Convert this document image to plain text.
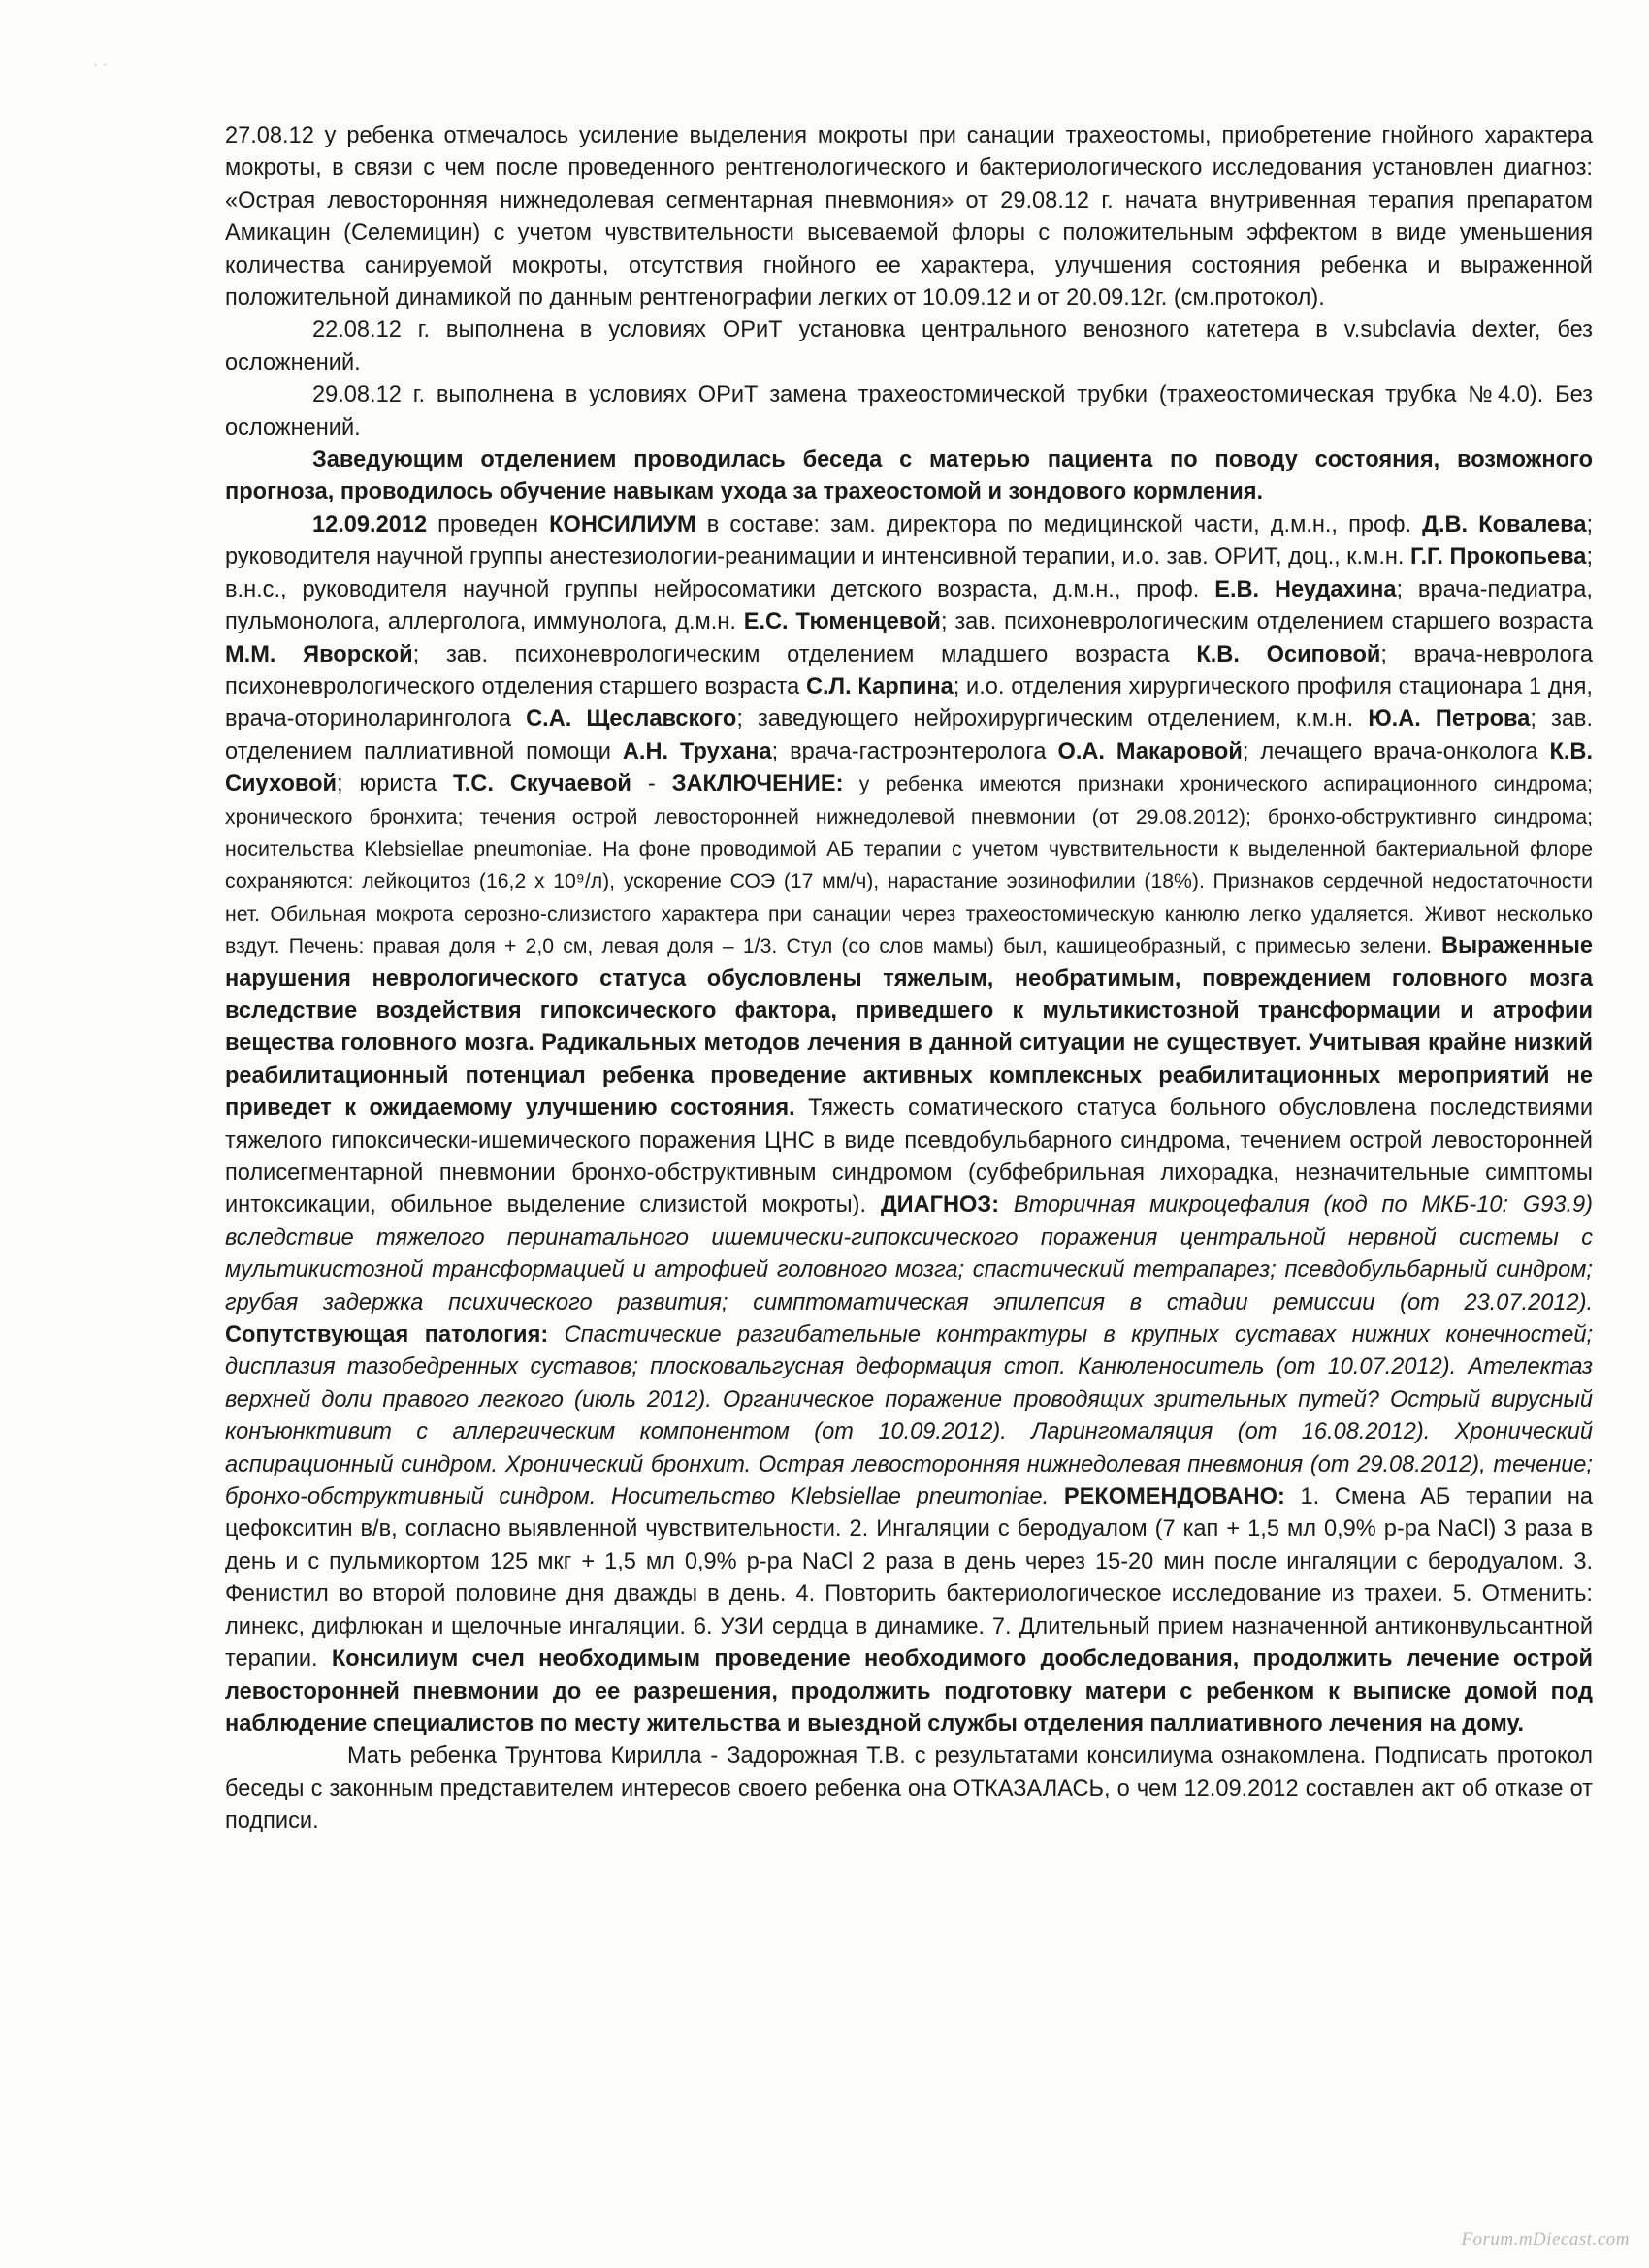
· ·

27.08.12 у ребенка отмечалось усиление выделения мокроты при санации трахеостомы, приобретение гнойного характера мокроты, в связи с чем после проведенного рентгенологического и бактериологического исследования установлен диагноз: «Острая левосторонняя нижнедолевая сегментарная пневмония» от 29.08.12 г. начата внутривенная терапия препаратом Амикацин (Селемицин) с учетом чувствительности высеваемой флоры с положительным эффектом в виде уменьшения количества санируемой мокроты, отсутствия гнойного ее характера, улучшения состояния ребенка и выраженной положительной динамикой по данным рентгенографии легких от 10.09.12 и от 20.09.12г. (см.протокол).

22.08.12 г. выполнена в условиях ОРиТ установка центрального венозного катетера в v.subclavia dexter, без осложнений.

29.08.12 г. выполнена в условиях ОРиТ замена трахеостомической трубки (трахеостомическая трубка №4.0). Без осложнений.

Заведующим отделением проводилась беседа с матерью пациента по поводу состояния, возможного прогноза, проводилось обучение навыкам ухода за трахеостомой и зондового кормления.

12.09.2012 проведен КОНСИЛИУМ в составе: зам. директора по медицинской части, д.м.н., проф. Д.В. Ковалева; руководителя научной группы анестезиологии-реанимации и интенсивной терапии, и.о. зав. ОРИТ, доц., к.м.н. Г.Г. Прокопьева; в.н.с., руководителя научной группы нейросоматики детского возраста, д.м.н., проф. Е.В. Неудахина; врача-педиатра, пульмонолога, аллерголога, иммунолога, д.м.н. Е.С. Тюменцевой; зав. психоневрологическим отделением старшего возраста М.М. Яворской; зав. психоневрологическим отделением младшего возраста К.В. Осиповой; врача-невролога психоневрологического отделения старшего возраста С.Л. Карпина; и.о. отделения хирургического профиля стационара 1 дня, врача-оториноларинголога С.А. Щеславского; заведующего нейрохирургическим отделением, к.м.н. Ю.А. Петрова; зав. отделением паллиативной помощи А.Н. Трухана; врача-гастроэнтеролога О.А. Макаровой; лечащего врача-онколога К.В. Сиуховой; юриста Т.С. Скучаевой - ЗАКЛЮЧЕНИЕ: у ребенка имеются признаки хронического аспирационного синдрома; хронического бронхита; течения острой левосторонней нижнедолевой пневмонии (от 29.08.2012); бронхо-обструктивнго синдрома; носительства Klebsiellae pneumoniae. На фоне проводимой АБ терапии с учетом чувствительности к выделенной бактериальной флоре сохраняются: лейкоцитоз (16,2 х 10⁹/л), ускорение СОЭ (17 мм/ч), нарастание эозинофилии (18%). Признаков сердечной недостаточности нет. Обильная мокрота серозно-слизистого характера при санации через трахеостомическую канюлю легко удаляется. Живот несколько вздут. Печень: правая доля + 2,0 см, левая доля – 1/3. Стул (со слов мамы) был, кашицеобразный, с примесью зелени. Выраженные нарушения неврологического статуса обусловлены тяжелым, необратимым, повреждением головного мозга вследствие воздействия гипоксического фактора, приведшего к мультикистозной трансформации и атрофии вещества головного мозга. Радикальных методов лечения в данной ситуации не существует. Учитывая крайне низкий реабилитационный потенциал ребенка проведение активных комплексных реабилитационных мероприятий не приведет к ожидаемому улучшению состояния. Тяжесть соматического статуса больного обусловлена последствиями тяжелого гипоксически-ишемического поражения ЦНС в виде псевдобульбарного синдрома, течением острой левосторонней полисегментарной пневмонии бронхо-обструктивным синдромом (субфебрильная лихорадка, незначительные симптомы интоксикации, обильное выделение слизистой мокроты). ДИАГНОЗ: Вторичная микроцефалия (код по МКБ-10: G93.9) вследствие тяжелого перинатального ишемически-гипоксического поражения центральной нервной системы с мультикистозной трансформацией и атрофией головного мозга; спастический тетрапарез; псевдобульбарный синдром; грубая задержка психического развития; симптоматическая эпилепсия в стадии ремиссии (от 23.07.2012). Сопутствующая патология: Спастические разгибательные контрактуры в крупных суставах нижних конечностей; дисплазия тазобедренных суставов; плосковальгусная деформация стоп. Канюленоситель (от 10.07.2012). Ателектаз верхней доли правого легкого (июль 2012). Органическое поражение проводящих зрительных путей? Острый вирусный конъюнктивит с аллергическим компонентом (от 10.09.2012). Ларингомаляция (от 16.08.2012). Хронический аспирационный синдром. Хронический бронхит. Острая левосторонняя нижнедолевая пневмония (от 29.08.2012), течение; бронхо-обструктивный синдром. Носительство Klebsiellae pneumoniae. РЕКОМЕНДОВАНО: 1. Смена АБ терапии на цефокситин в/в, согласно выявленной чувствительности. 2. Ингаляции с беродуалом (7 кап + 1,5 мл 0,9% р-ра NaCl) 3 раза в день и с пульмикортом 125 мкг + 1,5 мл 0,9% р-ра NaCl 2 раза в день через 15-20 мин после ингаляции с беродуалом. 3. Фенистил во второй половине дня дважды в день. 4. Повторить бактериологическое исследование из трахеи. 5. Отменить: линекс, дифлюкан и щелочные ингаляции. 6. УЗИ сердца в динамике. 7. Длительный прием назначенной антиконвульсантной терапии. Консилиум счел необходимым проведение необходимого дообследования, продолжить лечение острой левосторонней пневмонии до ее разрешения, продолжить подготовку матери с ребенком к выписке домой под наблюдение специалистов по месту жительства и выездной службы отделения паллиативного лечения на дому.

Мать ребенка Трунтова Кирилла - Задорожная Т.В. с результатами консилиума ознакомлена. Подписать протокол беседы с законным представителем интересов своего ребенка она ОТКАЗАЛАСЬ, о чем 12.09.2012 составлен акт об отказе от подписи.

Forum.mDiecast.com
